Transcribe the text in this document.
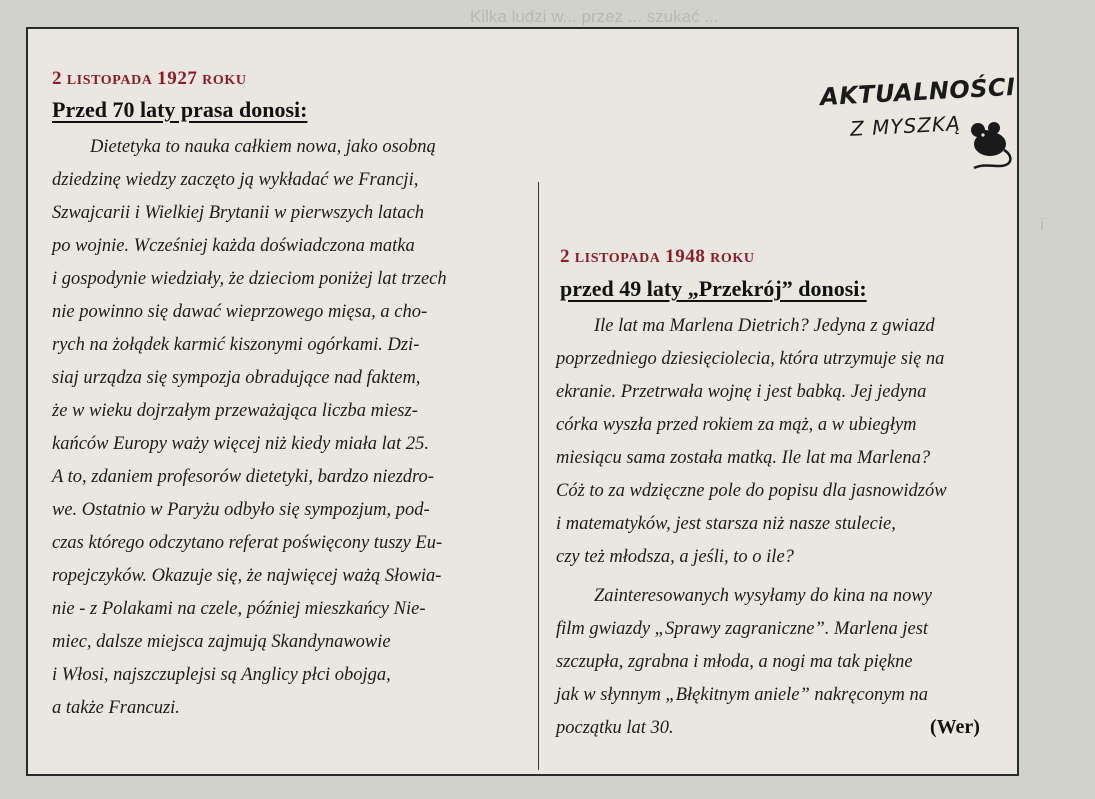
Kilka ludzi w... przez ... szukać ...
i
AKTUALNOŚCI
Z MYSZKĄ
2 LISTOPADA 1927 ROKU
Przed 70 laty prasa donosi:
Dietetyka to nauka całkiem nowa, jako osobną
dziedzinę wiedzy zaczęto ją wykładać we Francji,
Szwajcarii i Wielkiej Brytanii w pierwszych latach
po wojnie. Wcześniej każda doświadczona matka
i gospodynie wiedziały, że dzieciom poniżej lat trzech
nie powinno się dawać wieprzowego mięsa, a cho-
rych na żołądek karmić kiszonymi ogórkami. Dzi-
siaj urządza się sympozja obradujące nad faktem,
że w wieku dojrzałym przeważająca liczba miesz-
kańców Europy waży więcej niż kiedy miała lat 25.
A to, zdaniem profesorów dietetyki, bardzo niezdro-
we. Ostatnio w Paryżu odbyło się sympozjum, pod-
czas którego odczytano referat poświęcony tuszy Eu-
ropejczyków. Okazuje się, że najwięcej ważą Słowia-
nie - z Polakami na czele, później mieszkańcy Nie-
miec, dalsze miejsca zajmują Skandynawowie
i Włosi, najszczuplejsi są Anglicy płci obojga,
a także Francuzi.
2 LISTOPADA 1948 ROKU
przed 49 laty „Przekrój” donosi:
Ile lat ma Marlena Dietrich? Jedyna z gwiazd
poprzedniego dziesięciolecia, która utrzymuje się na
ekranie. Przetrwała wojnę i jest babką. Jej jedyna
córka wyszła przed rokiem za mąż, a w ubiegłym
miesiącu sama została matką. Ile lat ma Marlena?
Cóż to za wdzięczne pole do popisu dla jasnowidzów
i matematyków, jest starsza niż nasze stulecie,
czy też młodsza, a jeśli, to o ile?
Zainteresowanych wysyłamy do kina na nowy
film gwiazdy „Sprawy zagraniczne”. Marlena jest
szczupła, zgrabna i młoda, a nogi ma tak piękne
jak w słynnym „Błękitnym aniele” nakręconym na
początku lat 30.	(Wer)
